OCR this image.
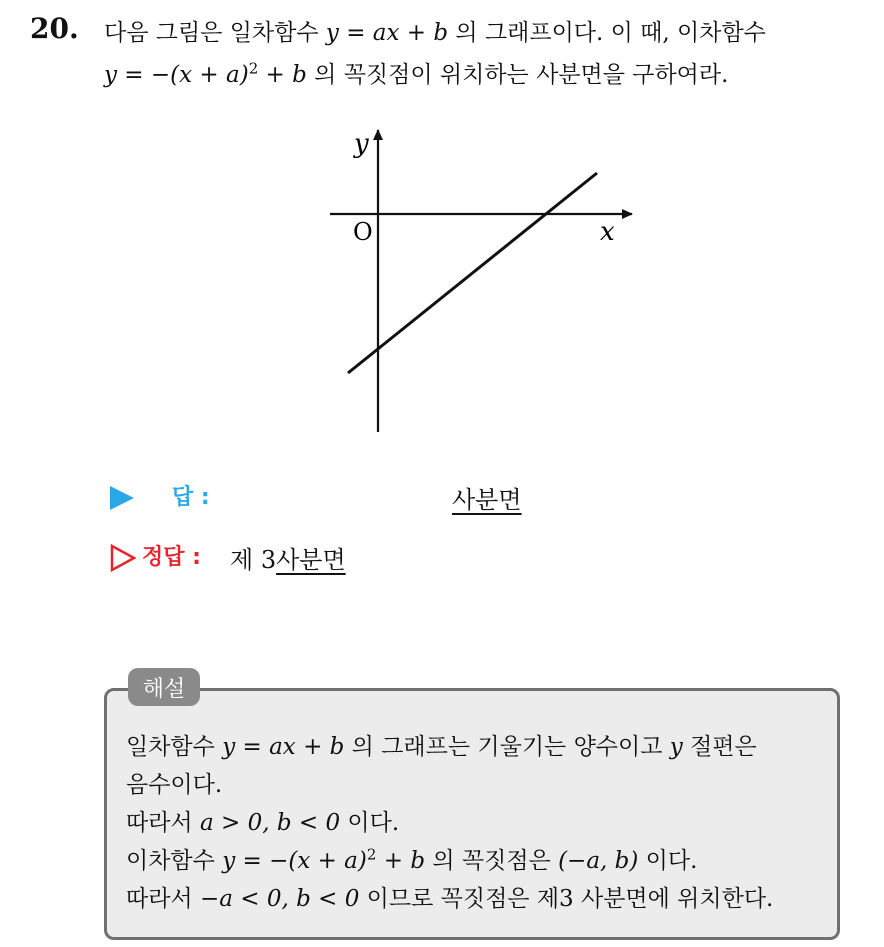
20. 다음 그림은 일차함수 y = ax + b 의 그래프이다. 이 때, 이차함수
$y = -(x + a)^2 + b$ 의 꼭짓점이 위치하는 사분면을 구하여라.
y
x
O
답 :	사분면
정답 : 제 3사분면
해설
일차함수 y = ax + b 의 그래프는 기울기는 양수이고 y 절편은
음수이다.
따라서 a > 0, b < 0 이다.
이차함수 $y = -(x + a)^2 + b$ 의 꼭짓점은 (−a, b) 이다.
따라서 −a < 0, b < 0 이므로 꼭짓점은 제3 사분면에 위치한다.
